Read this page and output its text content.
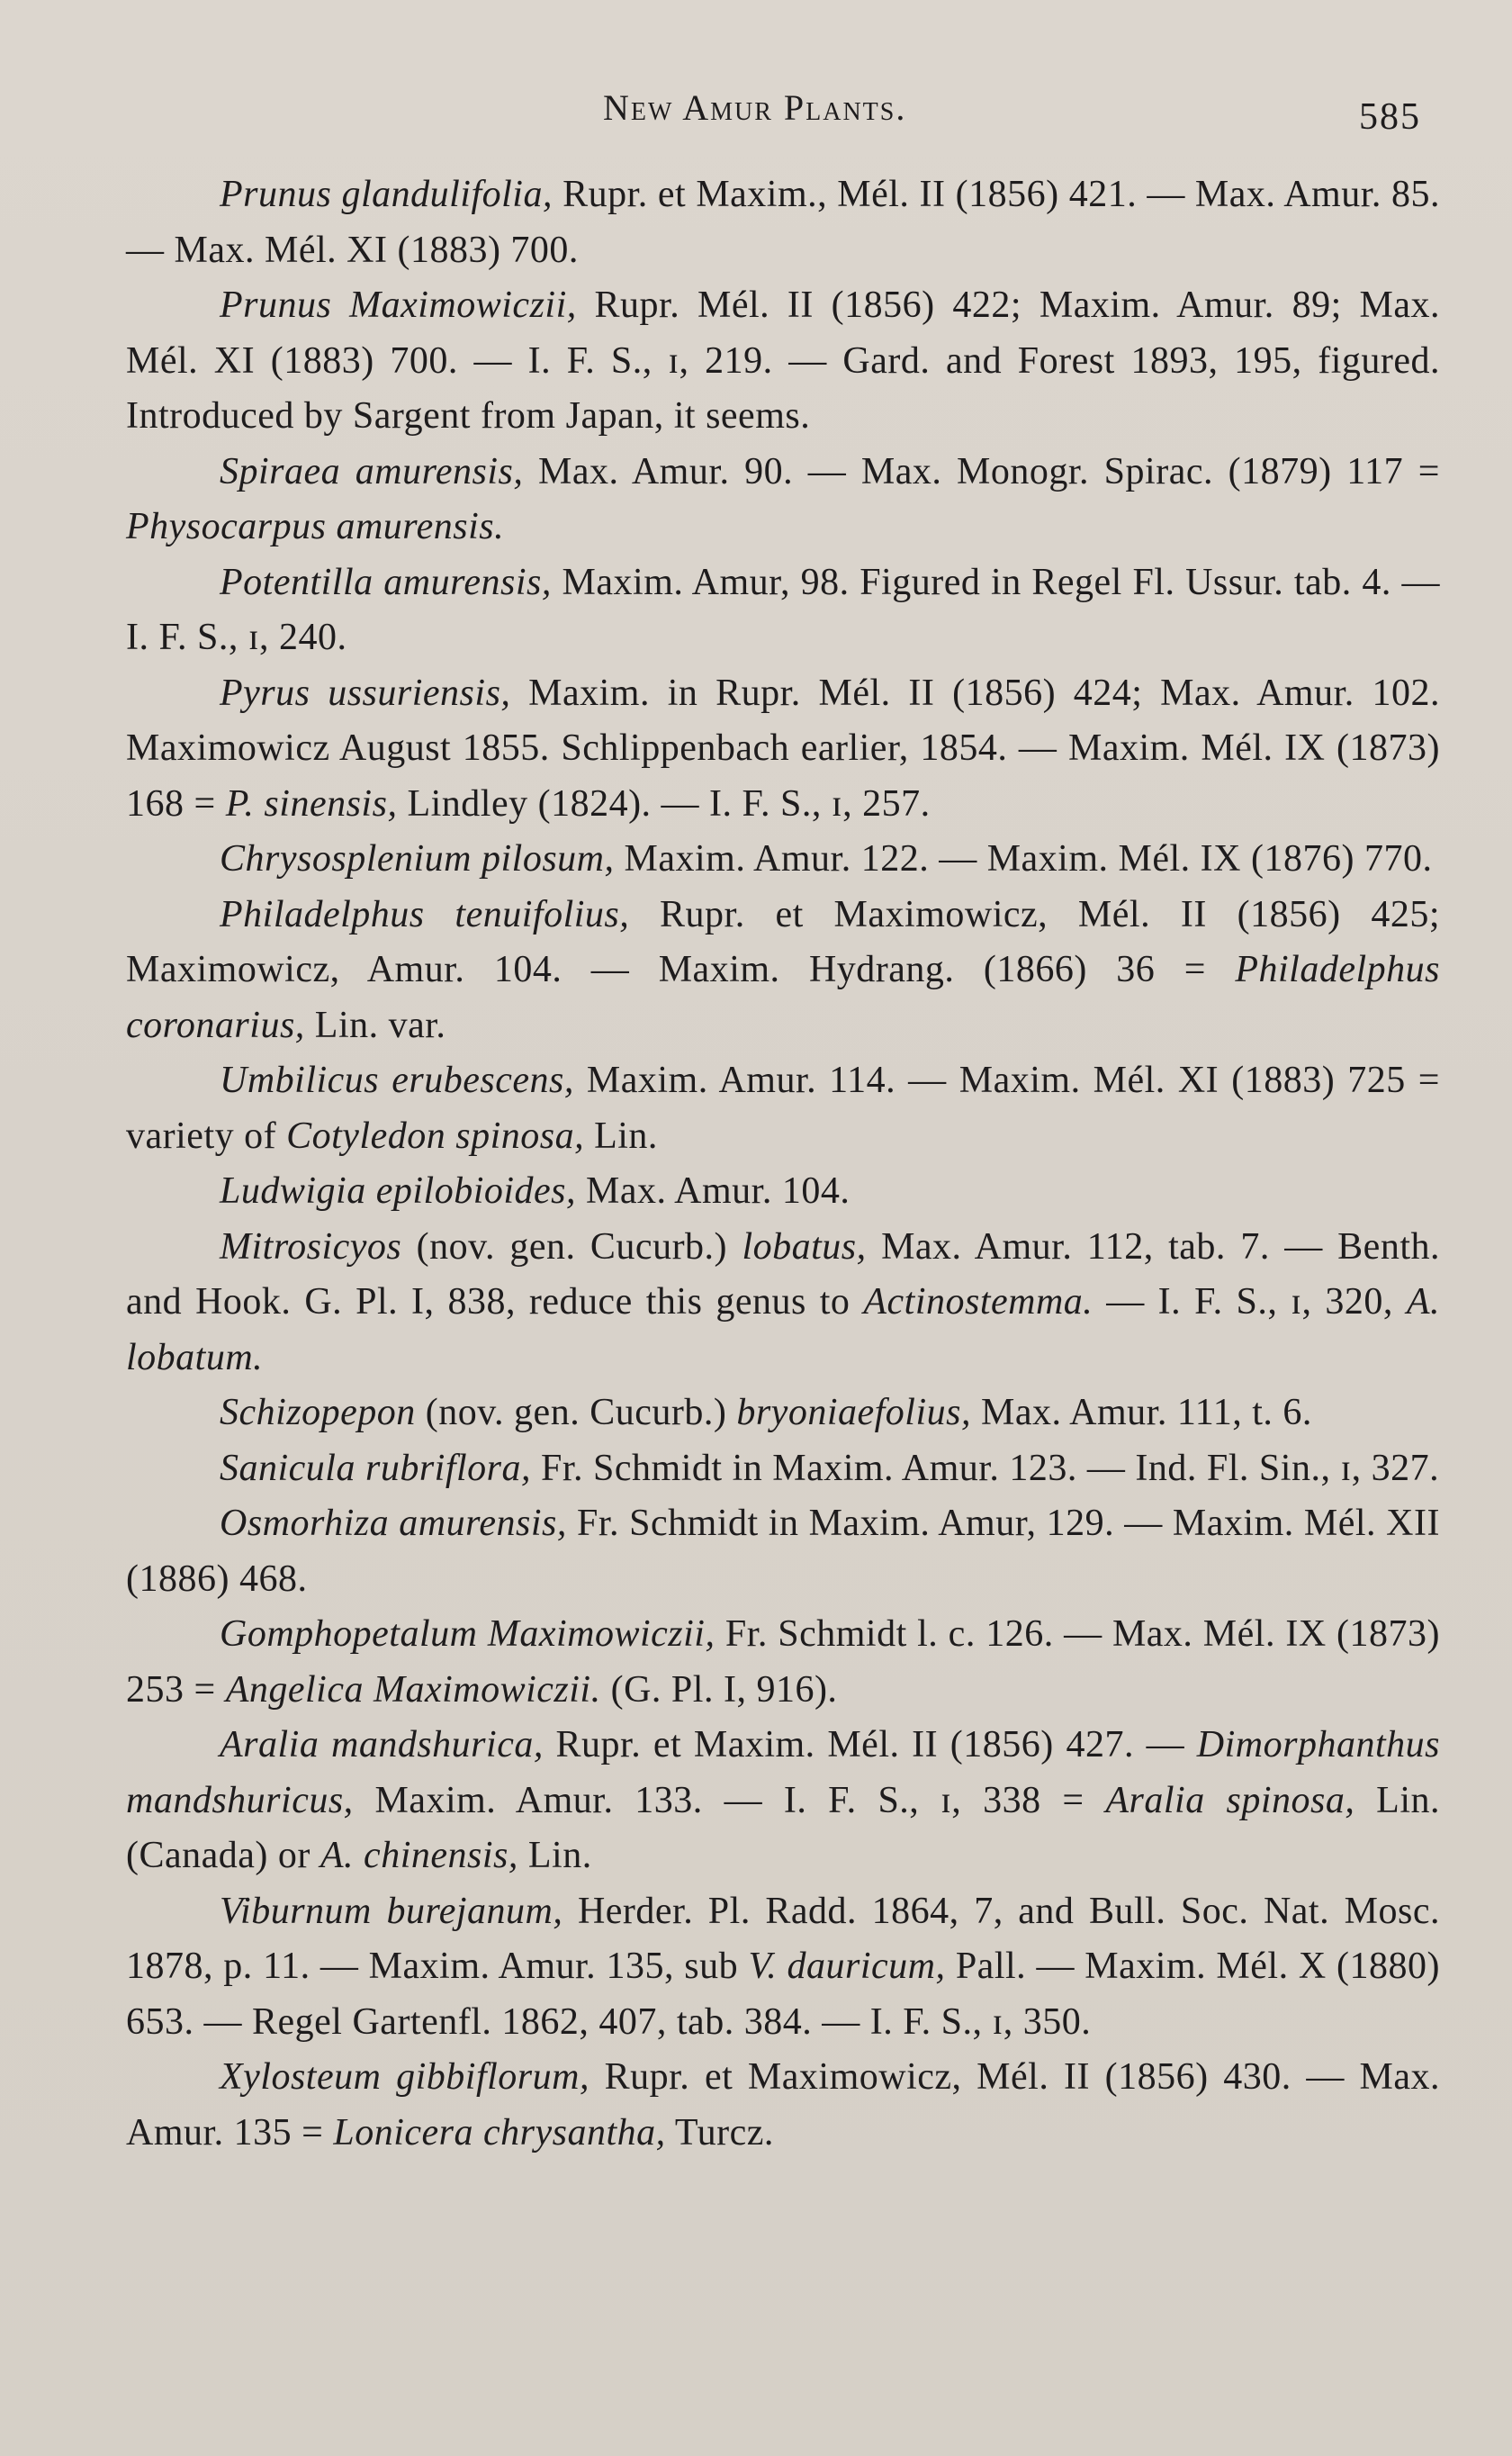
New Amur Plants.	585

Prunus glandulifolia, Rupr. et Maxim., Mél. II (1856) 421. — Max. Amur. 85. — Max. Mél. XI (1883) 700.

Prunus Maximowiczii, Rupr. Mél. II (1856) 422; Maxim. Amur. 89; Max. Mél. XI (1883) 700. — I. F. S., ɪ, 219. — Gard. and Forest 1893, 195, figured. Introduced by Sargent from Japan, it seems.

Spiraea amurensis, Max. Amur. 90. — Max. Monogr. Spirac. (1879) 117 = Physocarpus amurensis.

Potentilla amurensis, Maxim. Amur, 98. Figured in Regel Fl. Ussur. tab. 4. — I. F. S., ɪ, 240.

Pyrus ussuriensis, Maxim. in Rupr. Mél. II (1856) 424; Max. Amur. 102. Maximowicz August 1855. Schlippenbach earlier, 1854. — Maxim. Mél. IX (1873) 168 = P. sinensis, Lindley (1824). — I. F. S., ɪ, 257.

Chrysosplenium pilosum, Maxim. Amur. 122. — Maxim. Mél. IX (1876) 770.

Philadelphus tenuifolius, Rupr. et Maximowicz, Mél. II (1856) 425; Maximowicz, Amur. 104. — Maxim. Hydrang. (1866) 36 = Philadelphus coronarius, Lin. var.

Umbilicus erubescens, Maxim. Amur. 114. — Maxim. Mél. XI (1883) 725 = variety of Cotyledon spinosa, Lin.

Ludwigia epilobioides, Max. Amur. 104.

Mitrosicyos (nov. gen. Cucurb.) lobatus, Max. Amur. 112, tab. 7. — Benth. and Hook. G. Pl. I, 838, reduce this genus to Actinostemma. — I. F. S., ɪ, 320, A. lobatum.

Schizopepon (nov. gen. Cucurb.) bryoniaefolius, Max. Amur. 111, t. 6.

Sanicula rubriflora, Fr. Schmidt in Maxim. Amur. 123. — Ind. Fl. Sin., ɪ, 327.

Osmorhiza amurensis, Fr. Schmidt in Maxim. Amur, 129. — Maxim. Mél. XII (1886) 468.

Gomphopetalum Maximowiczii, Fr. Schmidt l. c. 126. — Max. Mél. IX (1873) 253 = Angelica Maximowiczii. (G. Pl. I, 916).

Aralia mandshurica, Rupr. et Maxim. Mél. II (1856) 427. — Dimorphanthus mandshuricus, Maxim. Amur. 133. — I. F. S., ɪ, 338 = Aralia spinosa, Lin. (Canada) or A. chinensis, Lin.

Viburnum burejanum, Herder. Pl. Radd. 1864, 7, and Bull. Soc. Nat. Mosc. 1878, p. 11. — Maxim. Amur. 135, sub V. dauricum, Pall. — Maxim. Mél. X (1880) 653. — Regel Gartenfl. 1862, 407, tab. 384. — I. F. S., ɪ, 350.

Xylosteum gibbiflorum, Rupr. et Maximowicz, Mél. II (1856) 430. — Max. Amur. 135 = Lonicera chrysantha, Turcz.
